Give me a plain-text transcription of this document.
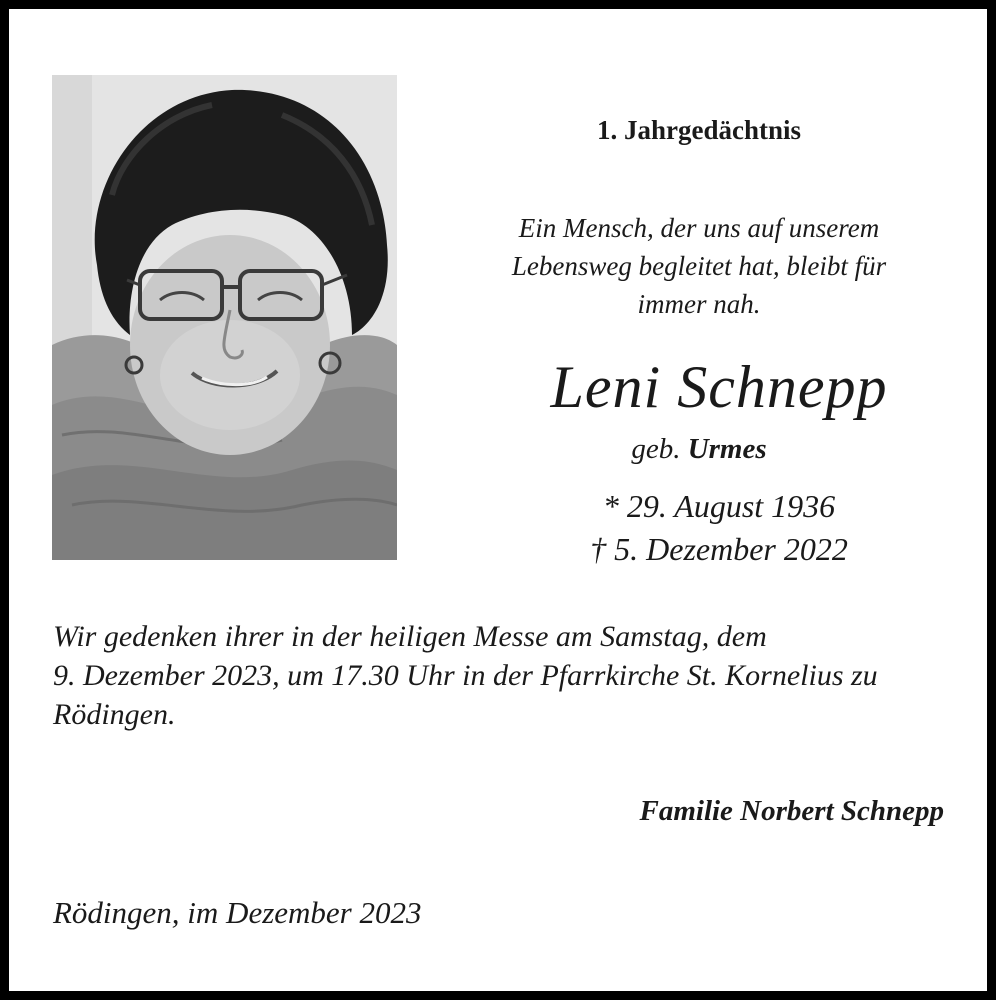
1. Jahrgedächtnis
Ein Mensch, der uns auf unserem
Lebensweg begleitet hat, bleibt für
immer nah.
Leni Schnepp
geb. Urmes
* 29. August 1936
† 5. Dezember 2022
Wir gedenken ihrer in der heiligen Messe am Samstag, dem
9. Dezember 2023, um 17.30 Uhr in der Pfarrkirche St. Kornelius zu
Rödingen.
Familie Norbert Schnepp
Rödingen, im Dezember 2023
